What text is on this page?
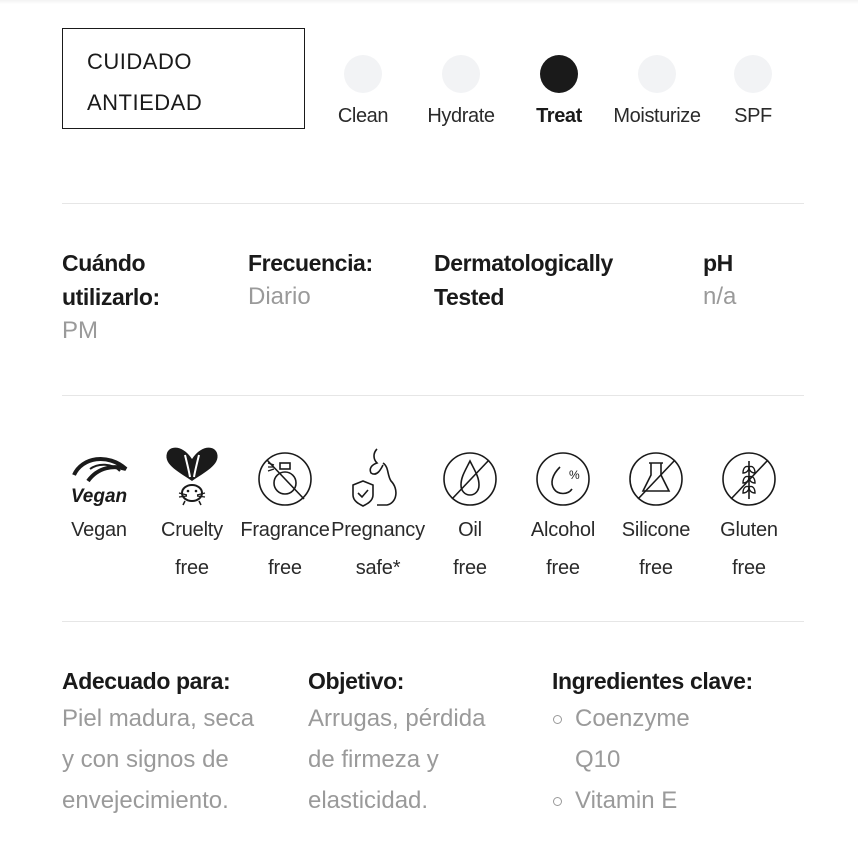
CUIDADO
ANTIEDAD
Clean	Hydrate	Treat	Moisturize	SPF
Cuándo
utilizarlo:
PM
Frecuencia:
Diario
Dermatologically
Tested
pH
n/a
Vegan
Vegan	Cruelty
free
Fragrance
free
Pregnancy
safe*
Oil
free
%
Alcohol
free
Silicone
free
Gluten
free
Adecuado para:
Piel madura, seca
y con signos de
envejecimiento.
Objetivo:
Arrugas, pérdida
de firmeza y
elasticidad.
Ingredientes clave:
Coenzyme
Q10
Vitamin E
